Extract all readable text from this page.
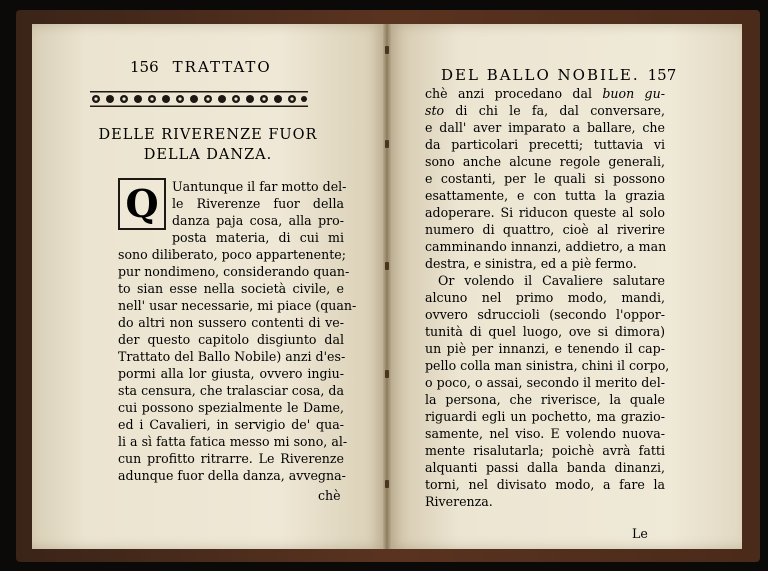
156 TRATTATO
DELLE RIVERENZE FUOR
DELLA DANZA.
Q	Uantunque il far motto del-
le Riverenze fuor della
danza paja cosa, alla pro-
posta materia, di cui mi
sono diliberato, poco appartenente;
pur nondimeno, considerando quan-
to sian esse nella società civile, e
nell' usar necessarie, mi piace (quan-
do altri non sussero contenti di ve-
der questo capitolo disgiunto dal
Trattato del Ballo Nobile) anzi d'es-
pormi alla lor giusta, ovvero ingiu-
sta censura, che tralasciar cosa, da
cui possono spezialmente le Dame,
ed i Cavalieri, in servigio de' qua-
li a sì fatta fatica messo mi sono, al-
cun profitto ritrarre. Le Riverenze
adunque fuor della danza, avvegna-
chè
DEL BALLO NOBILE. 157
chè anzi procedano dal buon gu-
sto di chi le fa, dal conversare,
e dall' aver imparato a ballare, che
da particolari precetti; tuttavia vi
sono anche alcune regole generali,
e costanti, per le quali si possono
esattamente, e con tutta la grazia
adoperare. Si riducon queste al solo
numero di quattro, cioè al riverire
camminando innanzi, addietro, a man
destra, e sinistra, ed a piè fermo.
Or volendo il Cavaliere salutare
alcuno nel primo modo, mandi,
ovvero sdruccioli (secondo l'oppor-
tunità di quel luogo, ove si dimora)
un piè per innanzi, e tenendo il cap-
pello colla man sinistra, chini il corpo,
o poco, o assai, secondo il merito del-
la persona, che riverisce, la quale
riguardi egli un pochetto, ma grazio-
samente, nel viso. E volendo nuova-
mente risalutarla; poichè avrà fatti
alquanti passi dalla banda dinanzi,
torni, nel divisato modo, a fare la
Riverenza.
Le
